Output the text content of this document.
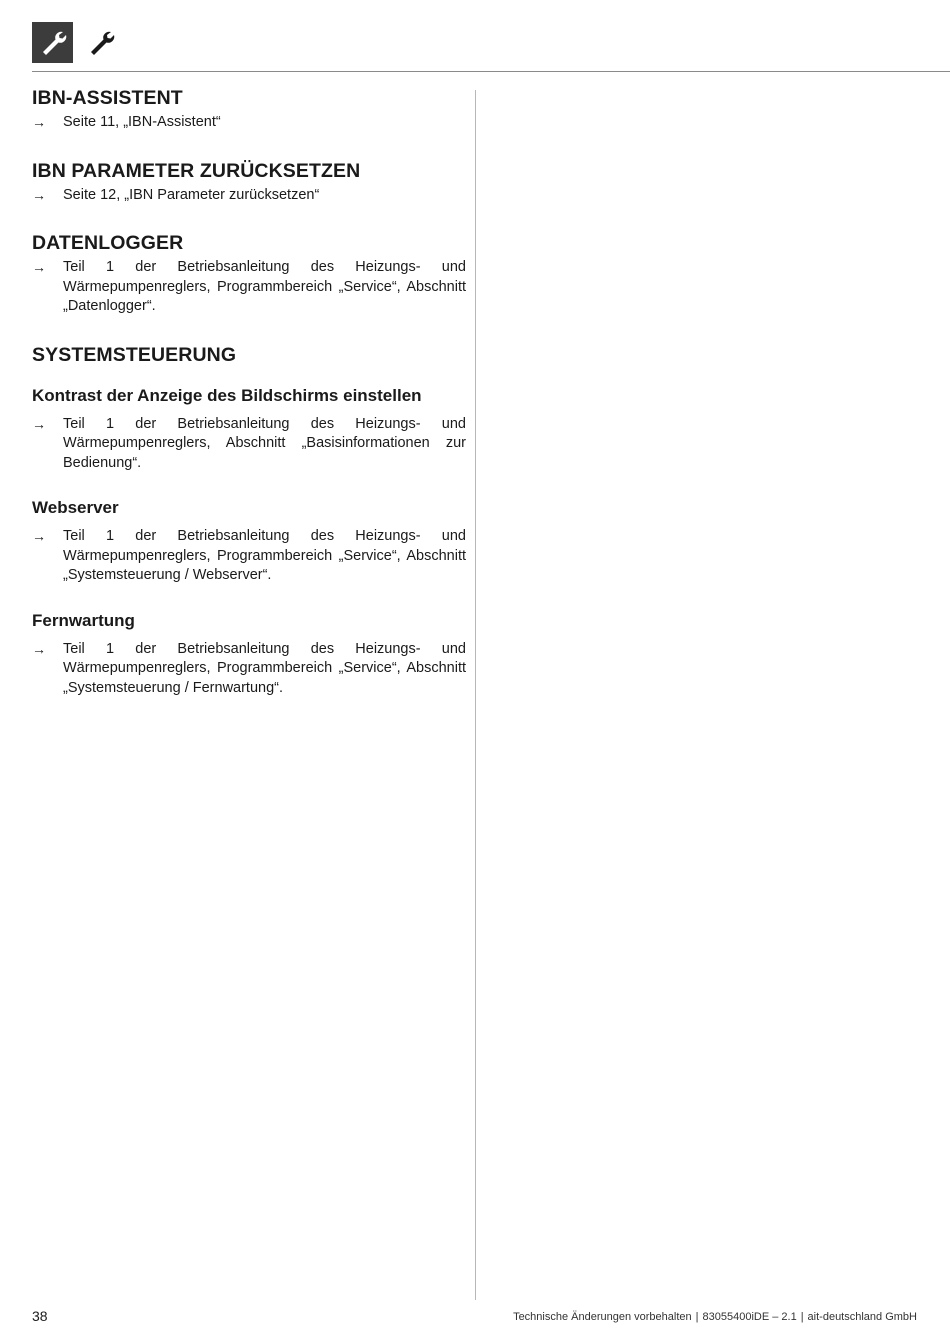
IBN-ASSISTENT
→	Seite 11, „IBN-Assistent“
IBN PARAMETER ZURÜCKSETZEN
→	Seite 12, „IBN Parameter zurücksetzen“
DATENLOGGER
→	Teil 1 der Betriebsanleitung des Heizungs- und Wärmepumpenreglers, Programmbereich „Service“, Abschnitt „Datenlogger“.
SYSTEMSTEUERUNG
Kontrast der Anzeige des Bildschirms einstellen
→	Teil 1 der Betriebsanleitung des Heizungs- und Wärmepumpenreglers, Abschnitt „Basisinformationen zur Bedienung“.
Webserver
→	Teil 1 der Betriebsanleitung des Heizungs- und Wärmepumpenreglers, Programmbereich „Service“, Abschnitt „Systemsteuerung / Webserver“.
Fernwartung
→	Teil 1 der Betriebsanleitung des Heizungs- und Wärmepumpenreglers, Programmbereich „Service“, Abschnitt „Systemsteuerung / Fernwartung“.
38	Technische Änderungen vorbehalten | 83055400iDE – 2.1 | ait-deutschland GmbH
